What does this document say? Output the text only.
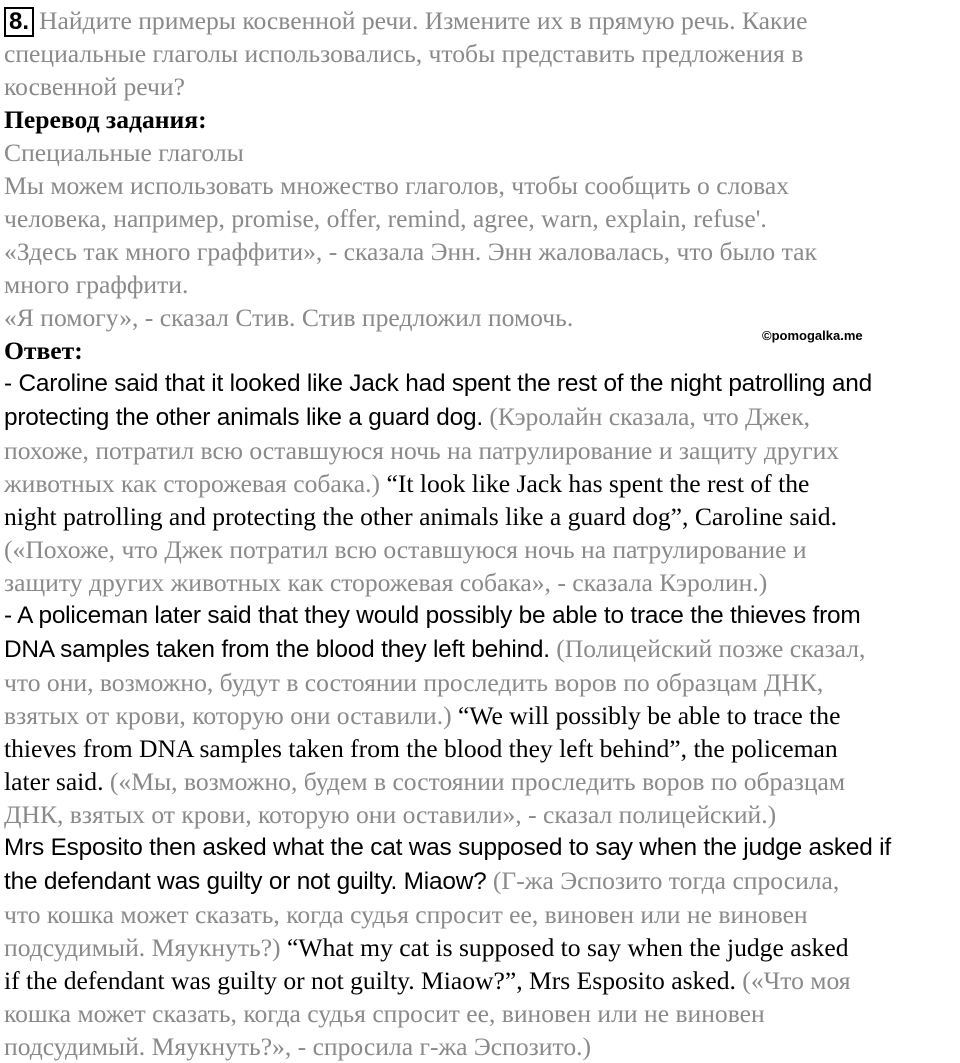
8. Найдите примеры косвенной речи. Измените их в прямую речь. Какие
специальные глаголы использовались, чтобы представить предложения в
косвенной речи?
Перевод задания:
Специальные глаголы
Мы можем использовать множество глаголов, чтобы сообщить о словах
человека, например, promise, offer, remind, agree, warn, explain, refuse'.
«Здесь так много граффити», - сказала Энн. Энн жаловалась, что было так
много граффити.
«Я помогу», - сказал Стив. Стив предложил помочь.
Ответ:
- Caroline said that it looked like Jack had spent the rest of the night patrolling and
protecting the other animals like a guard dog. (Кэролайн сказала, что Джек,
похоже, потратил всю оставшуюся ночь на патрулирование и защиту других
животных как сторожевая собака.) “It look like Jack has spent the rest of the
night patrolling and protecting the other animals like a guard dog”, Caroline said.
(«Похоже, что Джек потратил всю оставшуюся ночь на патрулирование и
защиту других животных как сторожевая собака», - сказала Кэролин.)
- A policeman later said that they would possibly be able to trace the thieves from
DNA samples taken from the blood they left behind. (Полицейский позже сказал,
что они, возможно, будут в состоянии проследить воров по образцам ДНК,
взятых от крови, которую они оставили.) “We will possibly be able to trace the
thieves from DNA samples taken from the blood they left behind”, the policeman
later said. («Мы, возможно, будем в состоянии проследить воров по образцам
ДНК, взятых от крови, которую они оставили», - сказал полицейский.)
Mrs Esposito then asked what the cat was supposed to say when the judge asked if
the defendant was guilty or not guilty. Miaow? (Г-жа Эспозито тогда спросила,
что кошка может сказать, когда судья спросит ее, виновен или не виновен
подсудимый. Мяукнуть?) “What my cat is supposed to say when the judge asked
if the defendant was guilty or not guilty. Miaow?”, Mrs Esposito asked. («Что моя
кошка может сказать, когда судья спросит ее, виновен или не виновен
подсудимый. Мяукнуть?», - спросила г-жа Эспозито.)
©pomogalka.me
